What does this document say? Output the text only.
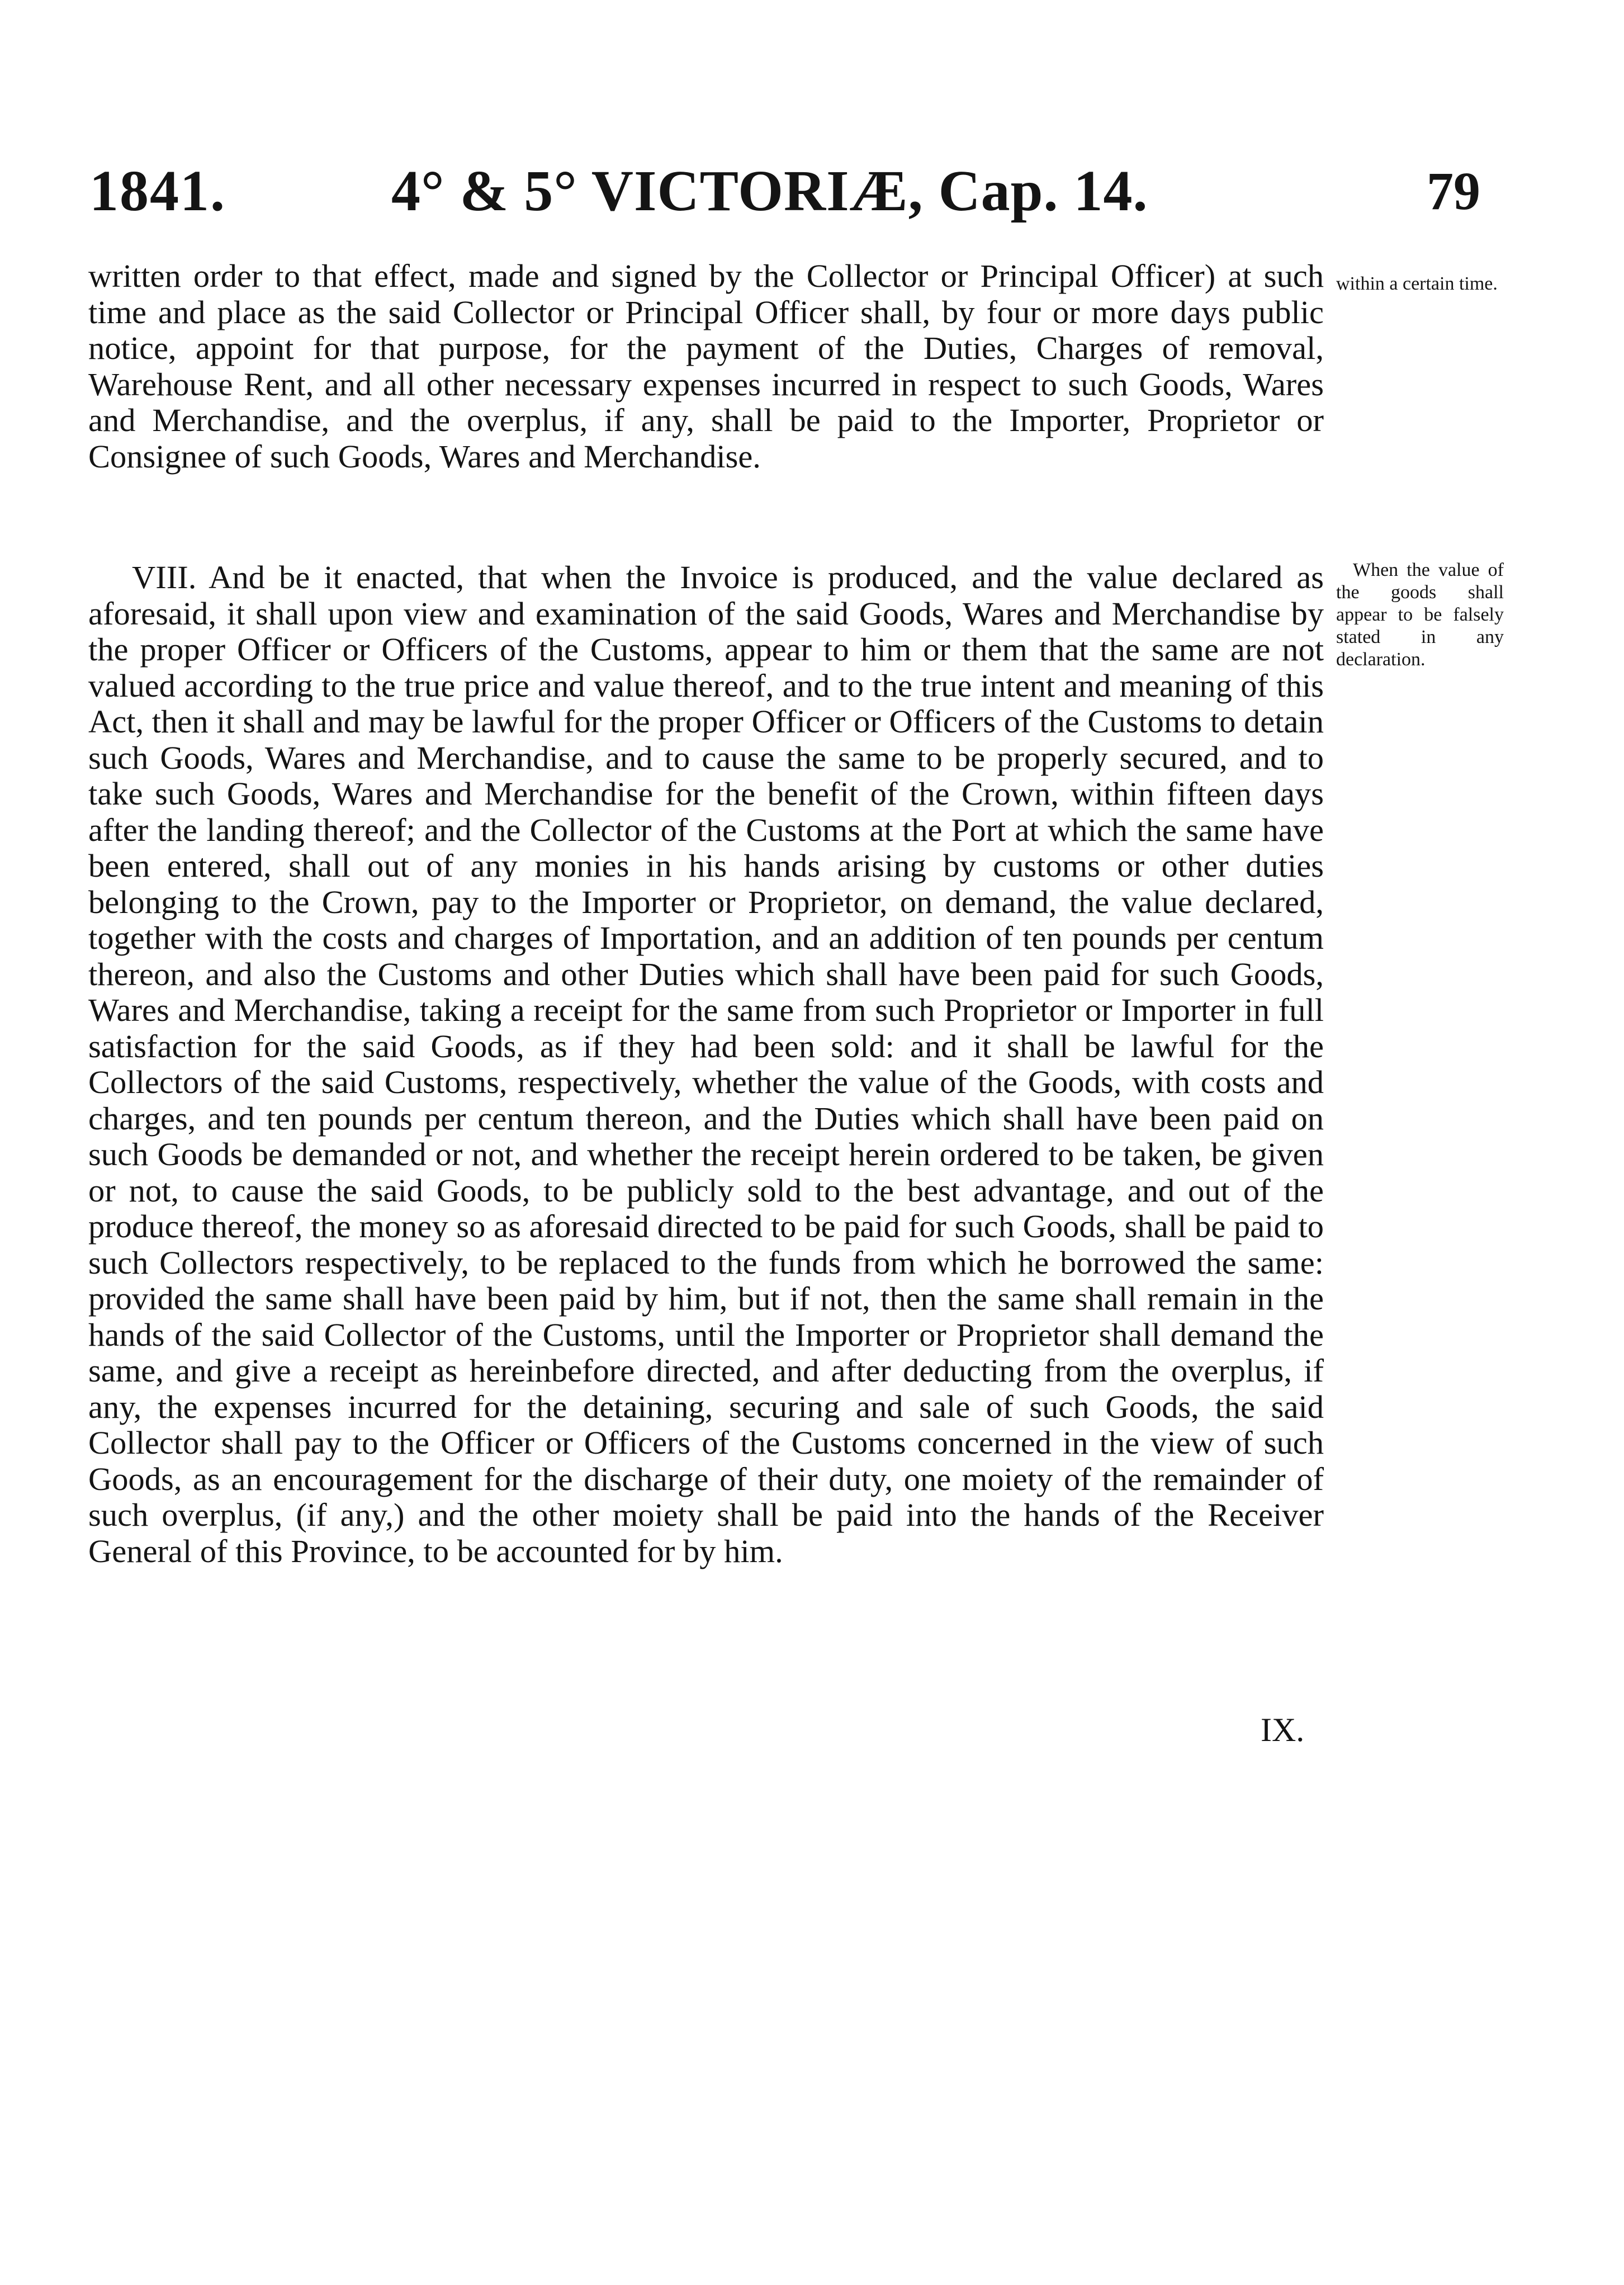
1841.	4° & 5° VICTORIÆ, Cap. 14.	79
written order to that effect, made and signed by the Collector or Principal Officer) at such time and place as the said Collector or Principal Officer shall, by four or more days public notice, appoint for that purpose, for the payment of the Duties, Charges of removal, Warehouse Rent, and all other necessary expenses incurred in respect to such Goods, Wares and Merchandise, and the overplus, if any, shall be paid to the Importer, Proprietor or Consignee of such Goods, Wares and Merchandise.
within a certain time.
VIII. And be it enacted, that when the Invoice is produced, and the value declared as aforesaid, it shall upon view and examination of the said Goods, Wares and Merchandise by the proper Officer or Officers of the Customs, appear to him or them that the same are not valued according to the true price and value thereof, and to the true intent and meaning of this Act, then it shall and may be lawful for the proper Officer or Officers of the Customs to detain such Goods, Wares and Merchandise, and to cause the same to be properly secured, and to take such Goods, Wares and Merchandise for the benefit of the Crown, within fifteen days after the landing thereof; and the Collector of the Customs at the Port at which the same have been entered, shall out of any monies in his hands arising by customs or other duties belonging to the Crown, pay to the Importer or Proprietor, on demand, the value declared, together with the costs and charges of Importation, and an addition of ten pounds per centum thereon, and also the Customs and other Duties which shall have been paid for such Goods, Wares and Merchandise, taking a receipt for the same from such Proprietor or Importer in full satisfaction for the said Goods, as if they had been sold: and it shall be lawful for the Collectors of the said Customs, respectively, whether the value of the Goods, with costs and charges, and ten pounds per centum thereon, and the Duties which shall have been paid on such Goods be demanded or not, and whether the receipt herein ordered to be taken, be given or not, to cause the said Goods, to be publicly sold to the best advantage, and out of the produce thereof, the money so as aforesaid directed to be paid for such Goods, shall be paid to such Collectors respectively, to be replaced to the funds from which he borrowed the same: provided the same shall have been paid by him, but if not, then the same shall remain in the hands of the said Collector of the Customs, until the Importer or Proprietor shall demand the same, and give a receipt as hereinbefore directed, and after deducting from the overplus, if any, the expenses incurred for the detaining, securing and sale of such Goods, the said Collector shall pay to the Officer or Officers of the Customs concerned in the view of such Goods, as an encouragement for the discharge of their duty, one moiety of the remainder of such overplus, (if any,) and the other moiety shall be paid into the hands of the Receiver General of this Province, to be accounted for by him.
When the value of the goods shall appear to be falsely stated in any declaration.
IX.
